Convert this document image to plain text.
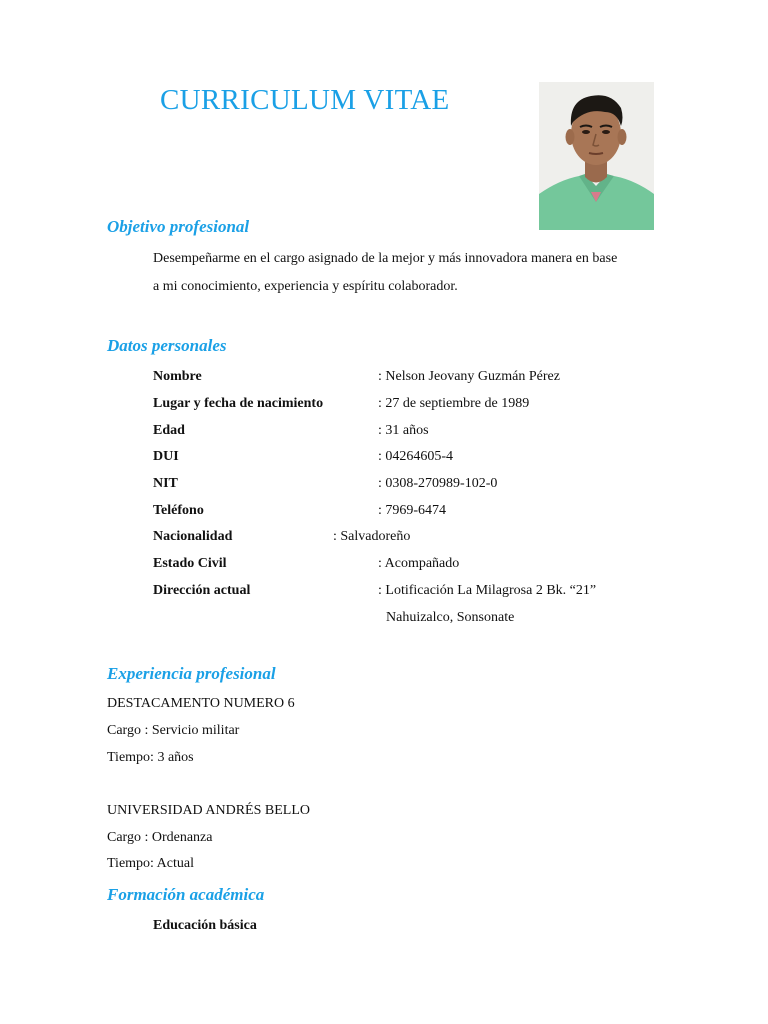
CURRICULUM VITAE
Objetivo profesional
Desempeñarme en el cargo asignado de la mejor y más innovadora manera en base
a mi conocimiento, experiencia y espíritu colaborador.
Datos personales
Nombre	: Nelson Jeovany Guzmán Pérez
Lugar y fecha de nacimiento	: 27 de septiembre de 1989
Edad	: 31 años
DUI	: 04264605-4
NIT	: 0308-270989-102-0
Teléfono	: 7969-6474
Nacionalidad	: Salvadoreño
Estado Civil	: Acompañado
Dirección actual	: Lotificación La Milagrosa 2 Bk. “21”
Nahuizalco, Sonsonate
Experiencia profesional
DESTACAMENTO NUMERO 6
Cargo : Servicio militar
Tiempo: 3 años
UNIVERSIDAD ANDRÉS BELLO
Cargo : Ordenanza
Tiempo: Actual
Formación académica
Educación básica
